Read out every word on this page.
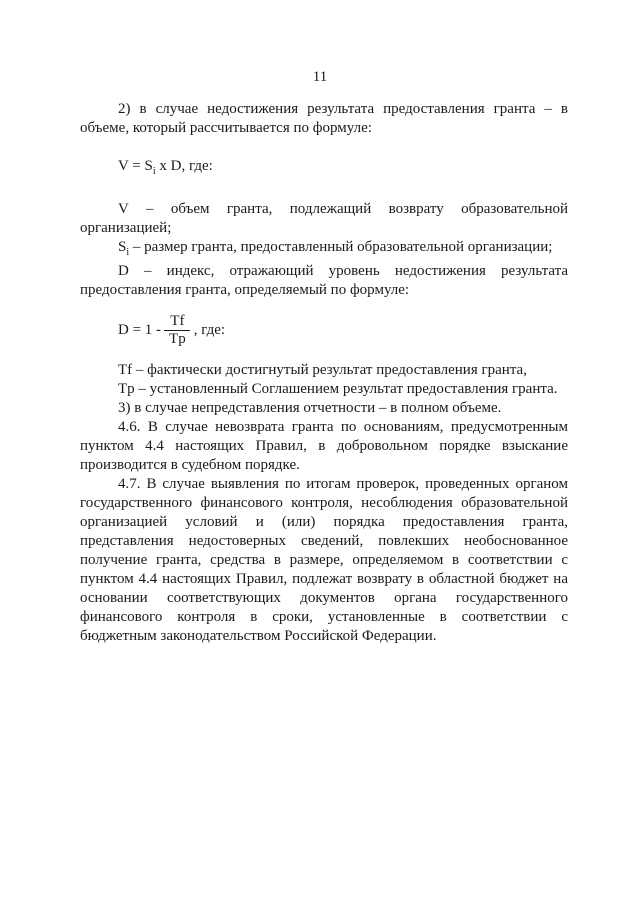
11

2) в случае недостижения результата предоставления гранта – в объеме, который рассчитывается по формуле:

$V = S_i$ x D, где:

V – объем гранта, подлежащий возврату образовательной организацией;

$S_i$ – размер гранта, предоставленный образовательной организации;

D – индекс, отражающий уровень недостижения результата предоставления гранта, определяемый по формуле:

$D = 1 - \frac{Tf}{Tp}$ , где:

Tf – фактически достигнутый результат предоставления гранта,

Tp – установленный Соглашением результат предоставления гранта.

3) в случае непредставления отчетности – в полном объеме.

4.6. В случае невозврата гранта по основаниям, предусмотренным пунктом 4.4 настоящих Правил, в добровольном порядке взыскание производится в судебном порядке.

4.7. В случае выявления по итогам проверок, проведенных органом государственного финансового контроля, несоблюдения образовательной организацией условий и (или) порядка предоставления гранта, представления недостоверных сведений, повлекших необоснованное получение гранта, средства в размере, определяемом в соответствии с пунктом 4.4 настоящих Правил, подлежат возврату в областной бюджет на основании соответствующих документов органа государственного финансового контроля в сроки, установленные в соответствии с бюджетным законодательством Российской Федерации.
